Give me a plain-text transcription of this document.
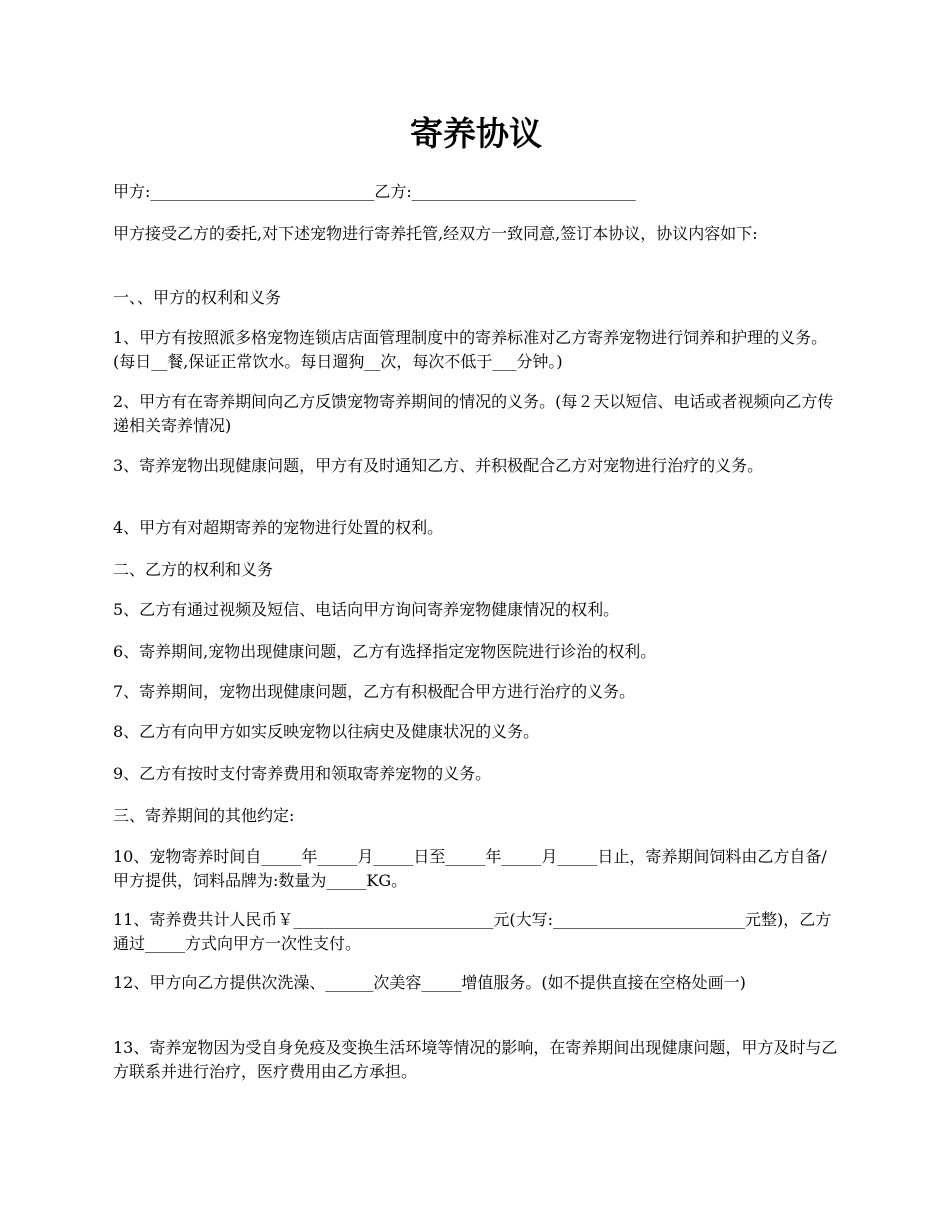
寄养协议

甲方:____________________________乙方:____________________________

甲方接受乙方的委托,对下述宠物进行寄养托管,经双方一致同意,签订本协议，协议内容如下:

一、、甲方的权利和义务

1、甲方有按照派多格宠物连锁店店面管理制度中的寄养标准对乙方寄养宠物进行饲养和护理的义务。(每日__餐,保证正常饮水。每日遛狗__次，每次不低于___分钟。)

2、甲方有在寄养期间向乙方反馈宠物寄养期间的情况的义务。(每２天以短信、电话或者视频向乙方传递相关寄养情况)

3、寄养宠物出现健康问题，甲方有及时通知乙方、并积极配合乙方对宠物进行治疗的义务。

4、甲方有对超期寄养的宠物进行处置的权利。

二、乙方的权利和义务

5、乙方有通过视频及短信、电话向甲方询问寄养宠物健康情况的权利。

6、寄养期间,宠物出现健康问题，乙方有选择指定宠物医院进行诊治的权利。

7、寄养期间，宠物出现健康问题，乙方有积极配合甲方进行治疗的义务。

8、乙方有向甲方如实反映宠物以往病史及健康状况的义务。

9、乙方有按时支付寄养费用和领取寄养宠物的义务。

三、寄养期间的其他约定:

10、宠物寄养时间自_____年_____月_____日至_____年_____月_____日止，寄养期间饲料由乙方自备/甲方提供，饲料品牌为:数量为_____KG。

11、寄养费共计人民币￥_________________________元(大写:________________________元整)，乙方通过_____方式向甲方一次性支付。

12、甲方向乙方提供次洗澡、______次美容_____增值服务。(如不提供直接在空格处画一)

13、寄养宠物因为受自身免疫及变换生活环境等情况的影响，在寄养期间出现健康问题，甲方及时与乙方联系并进行治疗，医疗费用由乙方承担。
